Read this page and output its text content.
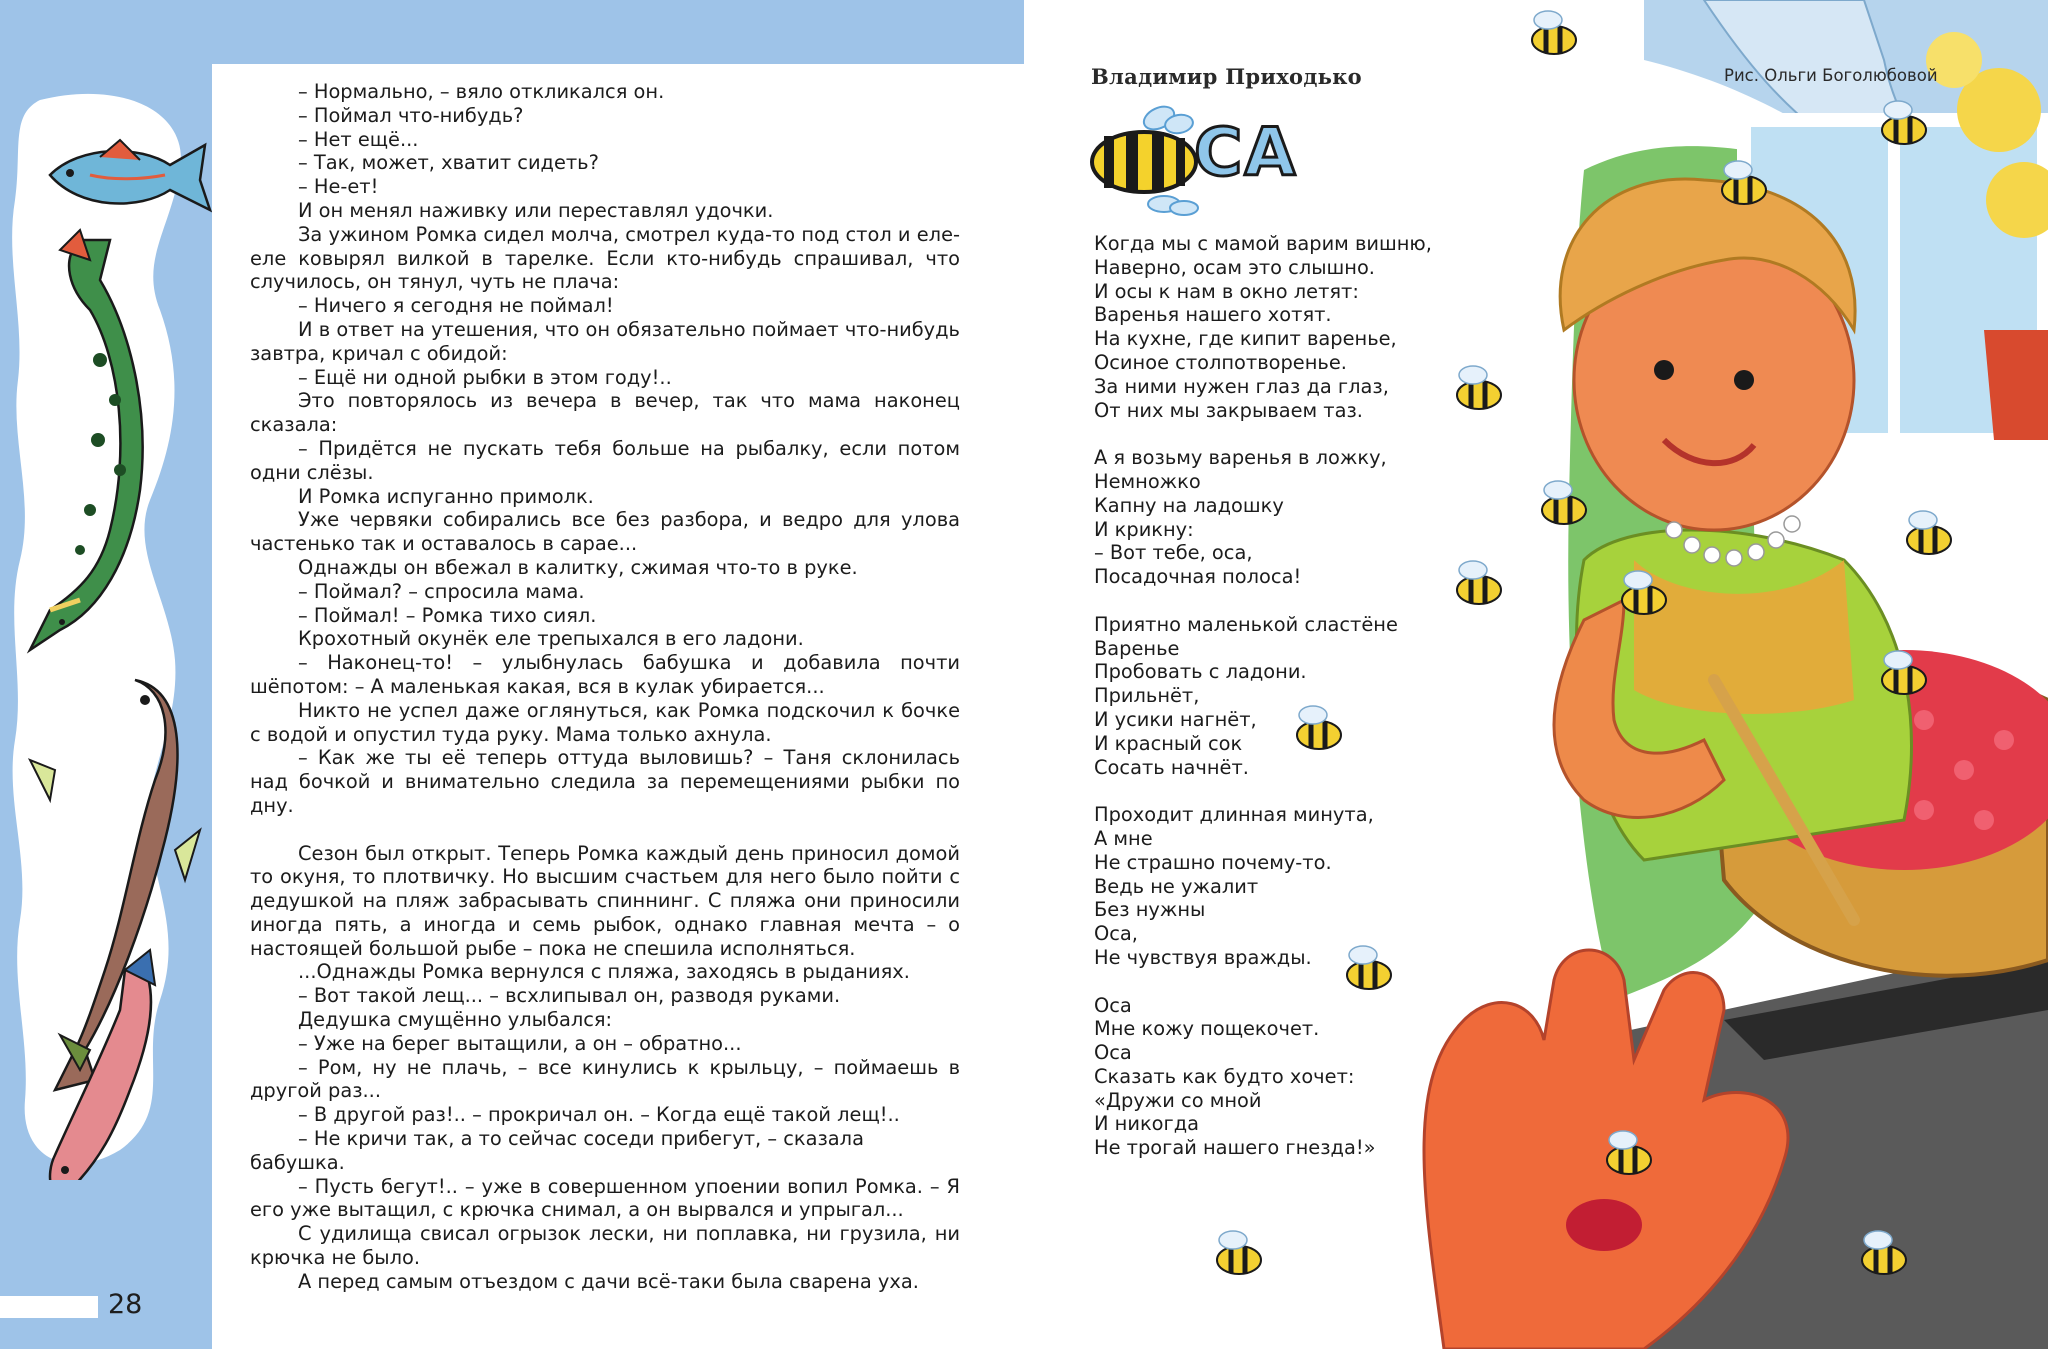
28

– Нормально, – вяло откликался он.

– Поймал что-нибудь?

– Нет ещё...

– Так, может, хватит сидеть?

– Не-ет!

И он менял наживку или переставлял удочки.

За ужином Ромка сидел молча, смотрел куда-то под стол и еле-еле ковырял вилкой в тарелке. Если кто-нибудь спрашивал, что случилось, он тянул, чуть не плача:

– Ничего я сегодня не поймал!

И в ответ на утешения, что он обязательно поймает что-нибудь завтра, кричал с обидой:

– Ещё ни одной рыбки в этом году!..

Это повторялось из вечера в вечер, так что мама наконец сказала:

– Придётся не пускать тебя больше на рыбалку, если потом одни слёзы.

И Ромка испуганно примолк.

Уже червяки собирались все без разбора, и ведро для улова частенько так и оставалось в сарае...

Однажды он вбежал в калитку, сжимая что-то в руке.

– Поймал? – спросила мама.

– Поймал! – Ромка тихо сиял.

Крохотный окунёк еле трепыхался в его ладони.

– Наконец-то! – улыбнулась бабушка и добавила почти шёпотом: – А маленькая какая, вся в кулак убирается...

Никто не успел даже оглянуться, как Ромка подскочил к бочке с водой и опустил туда руку. Мама только ахнула.

– Как же ты её теперь оттуда выловишь? – Таня склонилась над бочкой и внимательно следила за перемещениями рыбки по дну.

Сезон был открыт. Теперь Ромка каждый день приносил домой то окуня, то плотвичку. Но высшим счастьем для него было пойти с дедушкой на пляж забрасывать спиннинг. С пляжа они приносили иногда пять, а иногда и семь рыбок, однако главная мечта – о настоящей большой рыбе – пока не спешила исполняться.

...Однажды Ромка вернулся с пляжа, заходясь в рыданиях.

– Вот такой лещ... – всхлипывал он, разводя руками.

Дедушка смущённо улыбался:

– Уже на берег вытащили, а он – обратно...

– Ром, ну не плачь, – все кинулись к крыльцу, – поймаешь в другой раз...

– В другой раз!.. – прокричал он. – Когда ещё такой лещ!..

– Не кричи так, а то сейчас соседи прибегут, – сказала бабушка.

– Пусть бегут!.. – уже в совершенном упоении вопил Ромка. – Я его уже вытащил, с крючка снимал, а он вырвался и упрыгал...

С удилища свисал огрызок лески, ни поплавка, ни грузила, ни крючка не было.

А перед самым отъездом с дачи всё-таки была сварена уха.

Владимир Приходько	Рис. Ольги Боголюбовой
СА
Когда мы с мамой варим вишню,
Наверно, осам это слышно.
И осы к нам в окно летят:
Варенья нашего хотят.
На кухне, где кипит варенье,
Осиное столпотворенье.
За ними нужен глаз да глаз,
От них мы закрываем таз.
А я возьму варенья в ложку,
Немножко
Капну на ладошку
И крикну:
– Вот тебе, оса,
Посадочная полоса!
Приятно маленькой сластёне
Варенье
Пробовать с ладони.
Прильнёт,
И усики нагнёт,
И красный сок
Сосать начнёт.
Проходит длинная минута,
А мне
Не страшно почему-то.
Ведь не ужалит
Без нужны
Оса,
Не чувствуя вражды.
Оса
Мне кожу пощекочет.
Оса
Сказать как будто хочет:
«Дружи со мной
И никогда
Не трогай нашего гнезда!»
